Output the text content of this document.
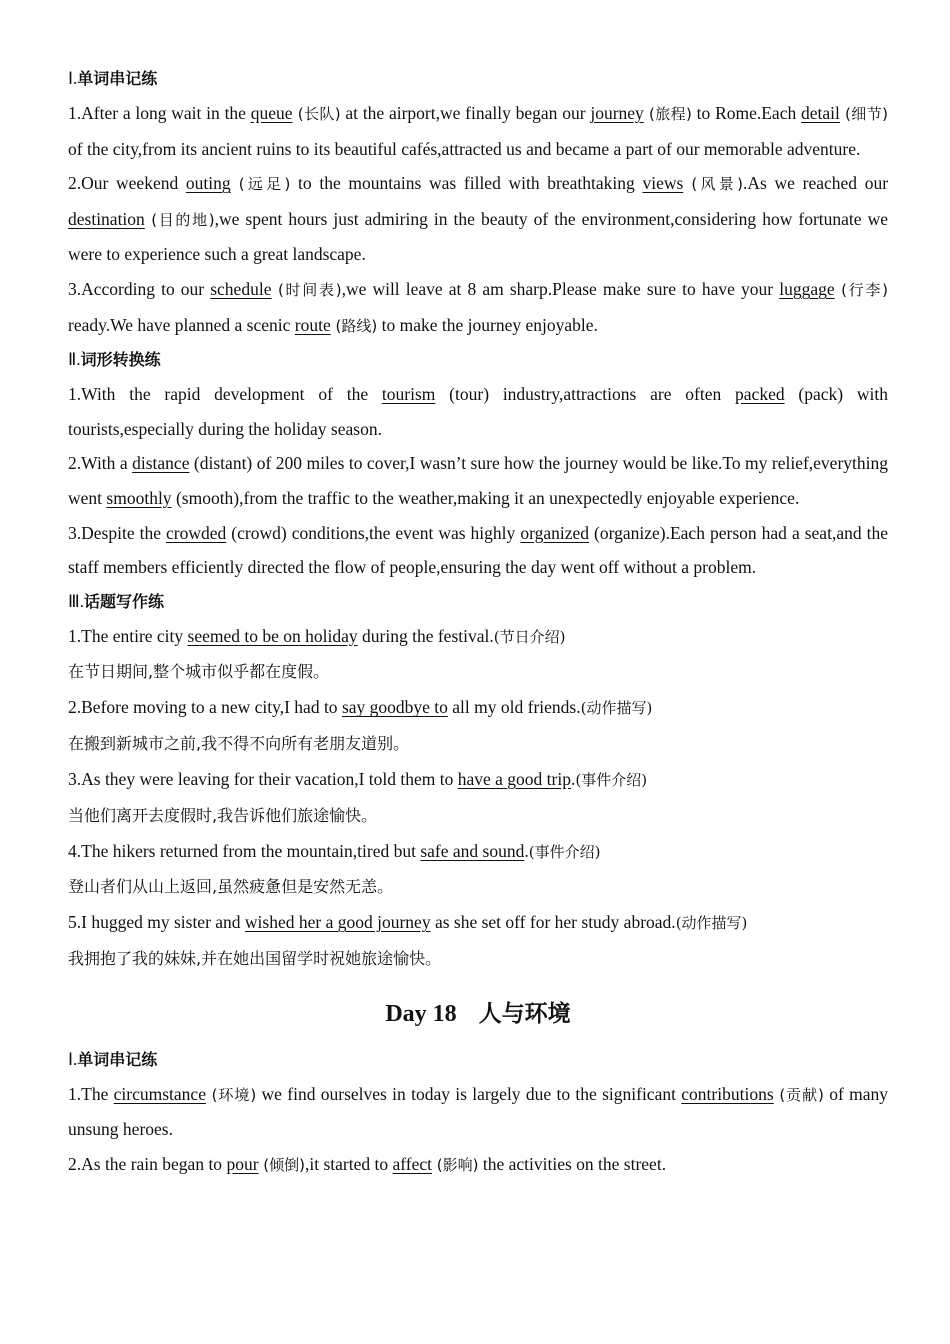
Ⅰ.单词串记练

1.After a long wait in the queue (长队) at the airport,we finally began our journey (旅程) to Rome.Each detail (细节) of the city,from its ancient ruins to its beautiful cafés,attracted us and became a part of our memorable adventure.

2.Our weekend outing (远足) to the mountains was filled with breathtaking views (风景).As we reached our destination (目的地),we spent hours just admiring in the beauty of the environment,considering how fortunate we were to experience such a great landscape.

3.According to our schedule (时间表),we will leave at 8 am sharp.Please make sure to have your luggage (行李) ready.We have planned a scenic route (路线) to make the journey enjoyable.

Ⅱ.词形转换练

1.With the rapid development of the tourism (tour) industry,attractions are often packed (pack) with tourists,especially during the holiday season.

2.With a distance (distant) of 200 miles to cover,I wasn’t sure how the journey would be like.To my relief,everything went smoothly (smooth),from the traffic to the weather,making it an unexpectedly enjoyable experience.

3.Despite the crowded (crowd) conditions,the event was highly organized (organize).Each person had a seat,and the staff members efficiently directed the flow of people,ensuring the day went off without a problem.

Ⅲ.话题写作练

1.The entire city seemed to be on holiday during the festival.(节日介绍)

在节日期间,整个城市似乎都在度假。

2.Before moving to a new city,I had to say goodbye to all my old friends.(动作描写)

在搬到新城市之前,我不得不向所有老朋友道别。

3.As they were leaving for their vacation,I told them to have a good trip.(事件介绍)

当他们离开去度假时,我告诉他们旅途愉快。

4.The hikers returned from the mountain,tired but safe and sound.(事件介绍)

登山者们从山上返回,虽然疲惫但是安然无恙。

5.I hugged my sister and wished her a good journey as she set off for her study abroad.(动作描写)

我拥抱了我的妹妹,并在她出国留学时祝她旅途愉快。

Day 18 人与环境
Ⅰ.单词串记练

1.The circumstance (环境) we find ourselves in today is largely due to the significant contributions (贡献) of many unsung heroes.

2.As the rain began to pour (倾倒),it started to affect (影响) the activities on the street.
